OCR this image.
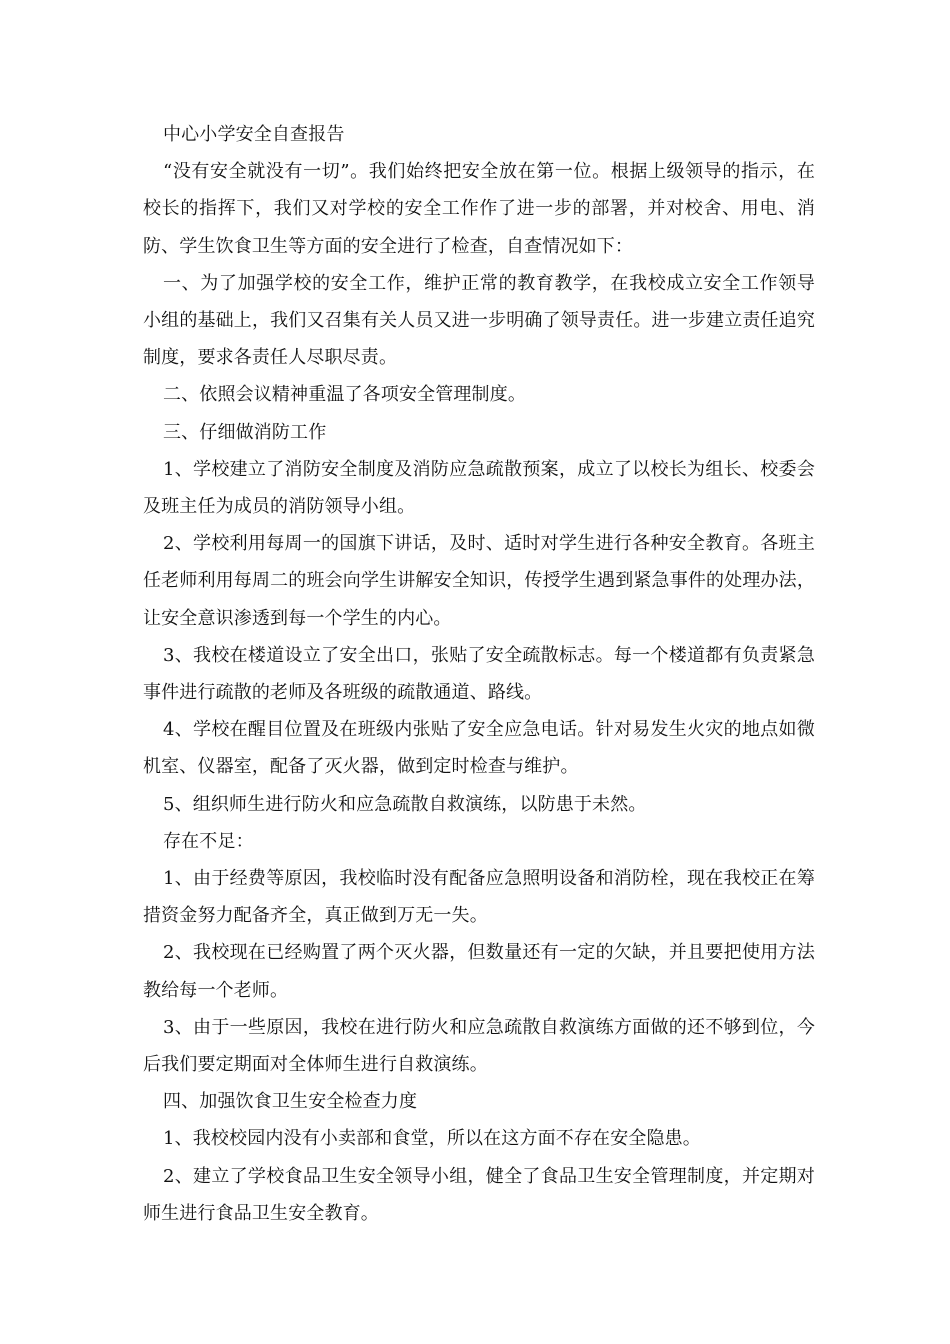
中心小学安全自查报告

“没有安全就没有一切”。我们始终把安全放在第一位。根据上级领导的指示，在校长的指挥下，我们又对学校的安全工作作了进一步的部署，并对校舍、用电、消防、学生饮食卫生等方面的安全进行了检查，自查情况如下：

一、为了加强学校的安全工作，维护正常的教育教学，在我校成立安全工作领导小组的基础上，我们又召集有关人员又进一步明确了领导责任。进一步建立责任追究制度，要求各责任人尽职尽责。

二、依照会议精神重温了各项安全管理制度。

三、仔细做消防工作

1、学校建立了消防安全制度及消防应急疏散预案，成立了以校长为组长、校委会及班主任为成员的消防领导小组。

2、学校利用每周一的国旗下讲话，及时、适时对学生进行各种安全教育。各班主任老师利用每周二的班会向学生讲解安全知识，传授学生遇到紧急事件的处理办法，让安全意识渗透到每一个学生的内心。

3、我校在楼道设立了安全出口，张贴了安全疏散标志。每一个楼道都有负责紧急事件进行疏散的老师及各班级的疏散通道、路线。

4、学校在醒目位置及在班级内张贴了安全应急电话。针对易发生火灾的地点如微机室、仪器室，配备了灭火器，做到定时检查与维护。

5、组织师生进行防火和应急疏散自救演练，以防患于未然。

存在不足：

1、由于经费等原因，我校临时没有配备应急照明设备和消防栓，现在我校正在筹措资金努力配备齐全，真正做到万无一失。

2、我校现在已经购置了两个灭火器，但数量还有一定的欠缺，并且要把使用方法教给每一个老师。

3、由于一些原因，我校在进行防火和应急疏散自救演练方面做的还不够到位，今后我们要定期面对全体师生进行自救演练。

四、加强饮食卫生安全检查力度

1、我校校园内没有小卖部和食堂，所以在这方面不存在安全隐患。

2、建立了学校食品卫生安全领导小组，健全了食品卫生安全管理制度，并定期对师生进行食品卫生安全教育。
